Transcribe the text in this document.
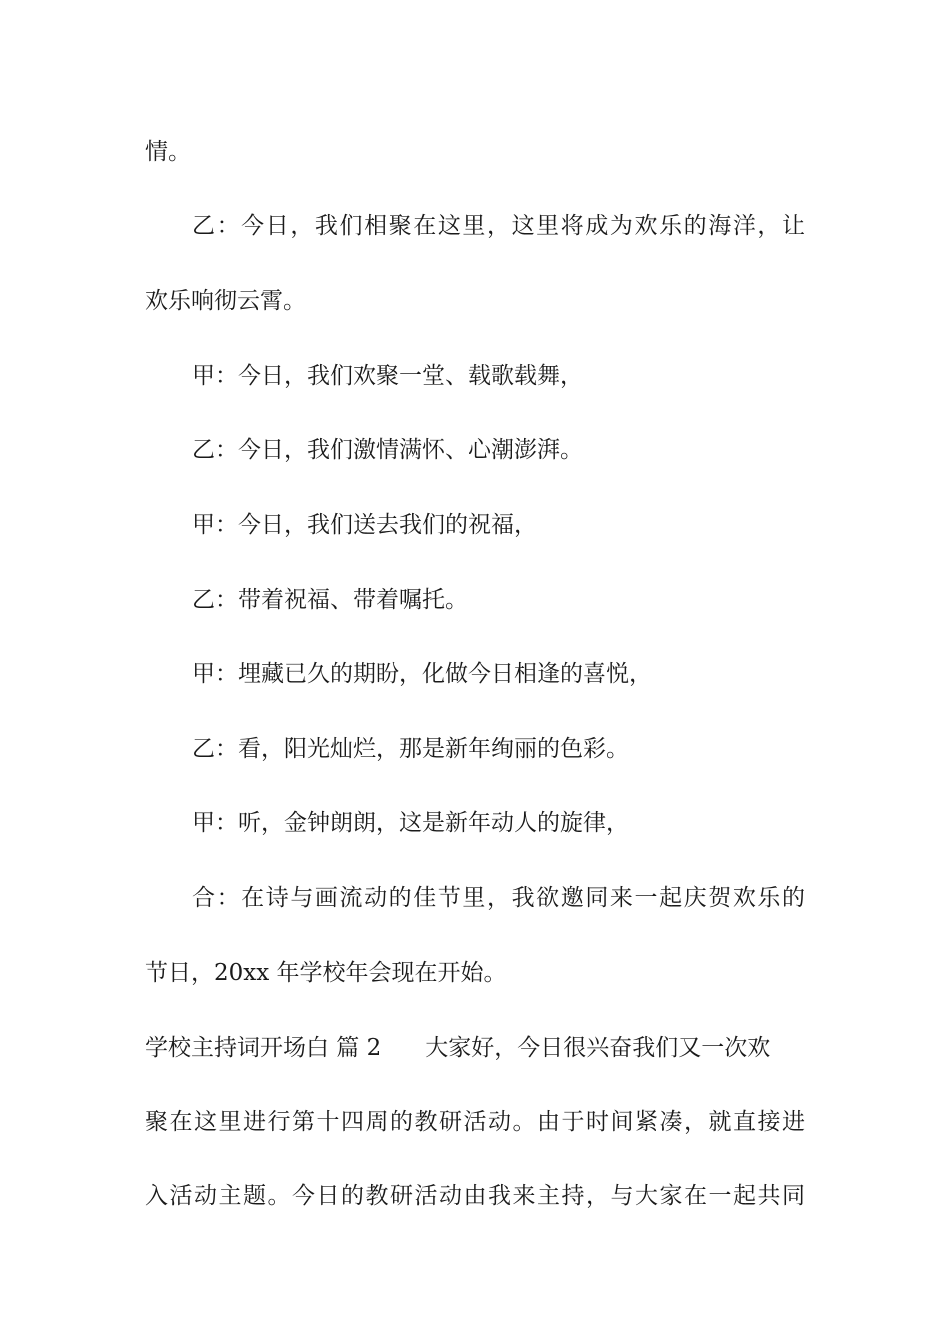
情。
乙：今日，我们相聚在这里，这里将成为欢乐的海洋，让
欢乐响彻云霄。
甲：今日，我们欢聚一堂、载歌载舞，
乙：今日，我们激情满怀、心潮澎湃。
甲：今日，我们送去我们的祝福，
乙：带着祝福、带着嘱托。
甲：埋藏已久的期盼，化做今日相逢的喜悦，
乙：看，阳光灿烂，那是新年绚丽的色彩。
甲：听，金钟朗朗，这是新年动人的旋律，
合：在诗与画流动的佳节里，我欲邀同来一起庆贺欢乐的
节日，20xx 年学校年会现在开始。
学校主持词开场白 篇 2 大家好，今日很兴奋我们又一次欢
聚在这里进行第十四周的教研活动。由于时间紧凑，就直接进
入活动主题。今日的教研活动由我来主持，与大家在一起共同
